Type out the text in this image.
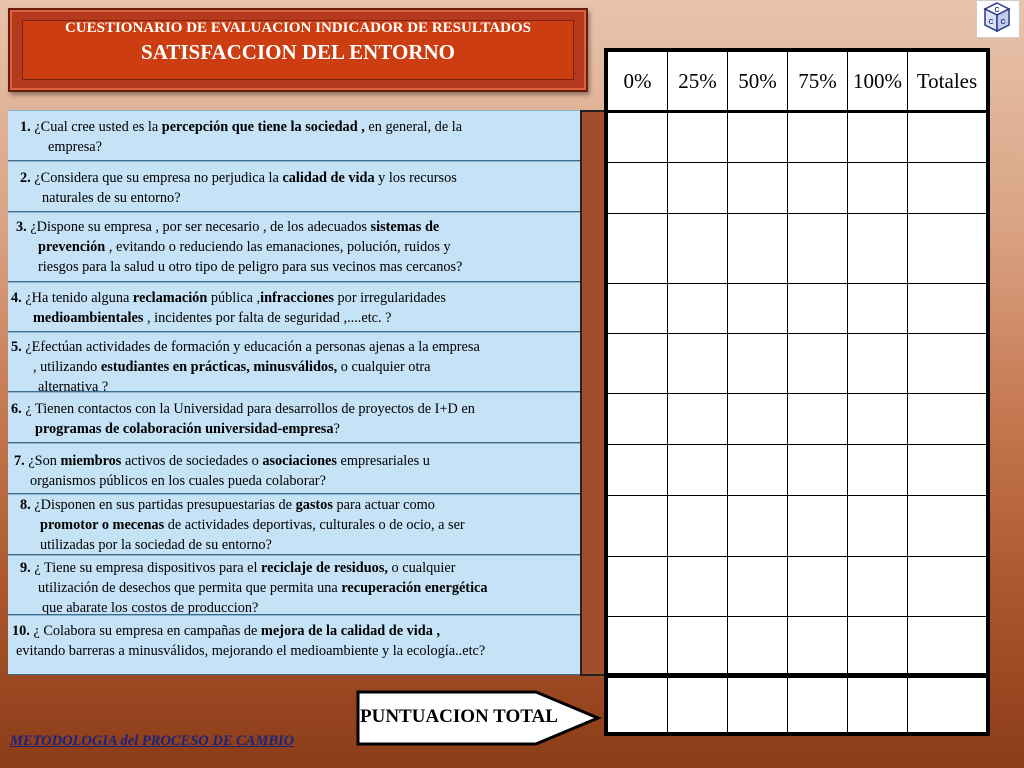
CUESTIONARIO DE EVALUACION INDICADOR DE RESULTADOS
SATISFACCION DEL ENTORNO
C
C C
1. ¿Cual cree usted es la percepción que tiene la sociedad , en general, de la
empresa?
2. ¿Considera que su empresa no perjudica la calidad de vida y los recursos
naturales de su entorno?
3. ¿Dispone su empresa , por ser necesario , de los adecuados sistemas de
prevención , evitando o reduciendo las emanaciones, polución, ruidos y
riesgos para la salud u otro tipo de peligro para sus vecinos mas cercanos?
4. ¿Ha tenido alguna reclamación pública ,infracciones por irregularidades
medioambientales , incidentes por falta de seguridad ,....etc. ?
5. ¿Efectúan actividades de formación y educación a personas ajenas a la empresa
, utilizando estudiantes en prácticas, minusválidos, o cualquier otra
alternativa ?
6. ¿ Tienen contactos con la Universidad para desarrollos de proyectos de I+D en
programas de colaboración universidad-empresa?
7. ¿Son miembros activos de sociedades o asociaciones empresariales u
organismos públicos en los cuales pueda colaborar?
8. ¿Disponen en sus partidas presupuestarias de gastos para actuar como
promotor o mecenas de actividades deportivas, culturales o de ocio, a ser
utilizadas por la sociedad de su entorno?
9. ¿ Tiene su empresa dispositivos para el reciclaje de residuos, o cualquier
utilización de desechos que permita que permita una recuperación energética
que abarate los costos de produccion?
10. ¿ Colabora su empresa en campañas de mejora de la calidad de vida ,
evitando barreras a minusválidos, mejorando el medioambiente y la ecología..etc?
0%	25%	50%	75%	100%	Totales

PUNTUACION TOTAL
METODOLOGIA del PROCESO DE CAMBIO
